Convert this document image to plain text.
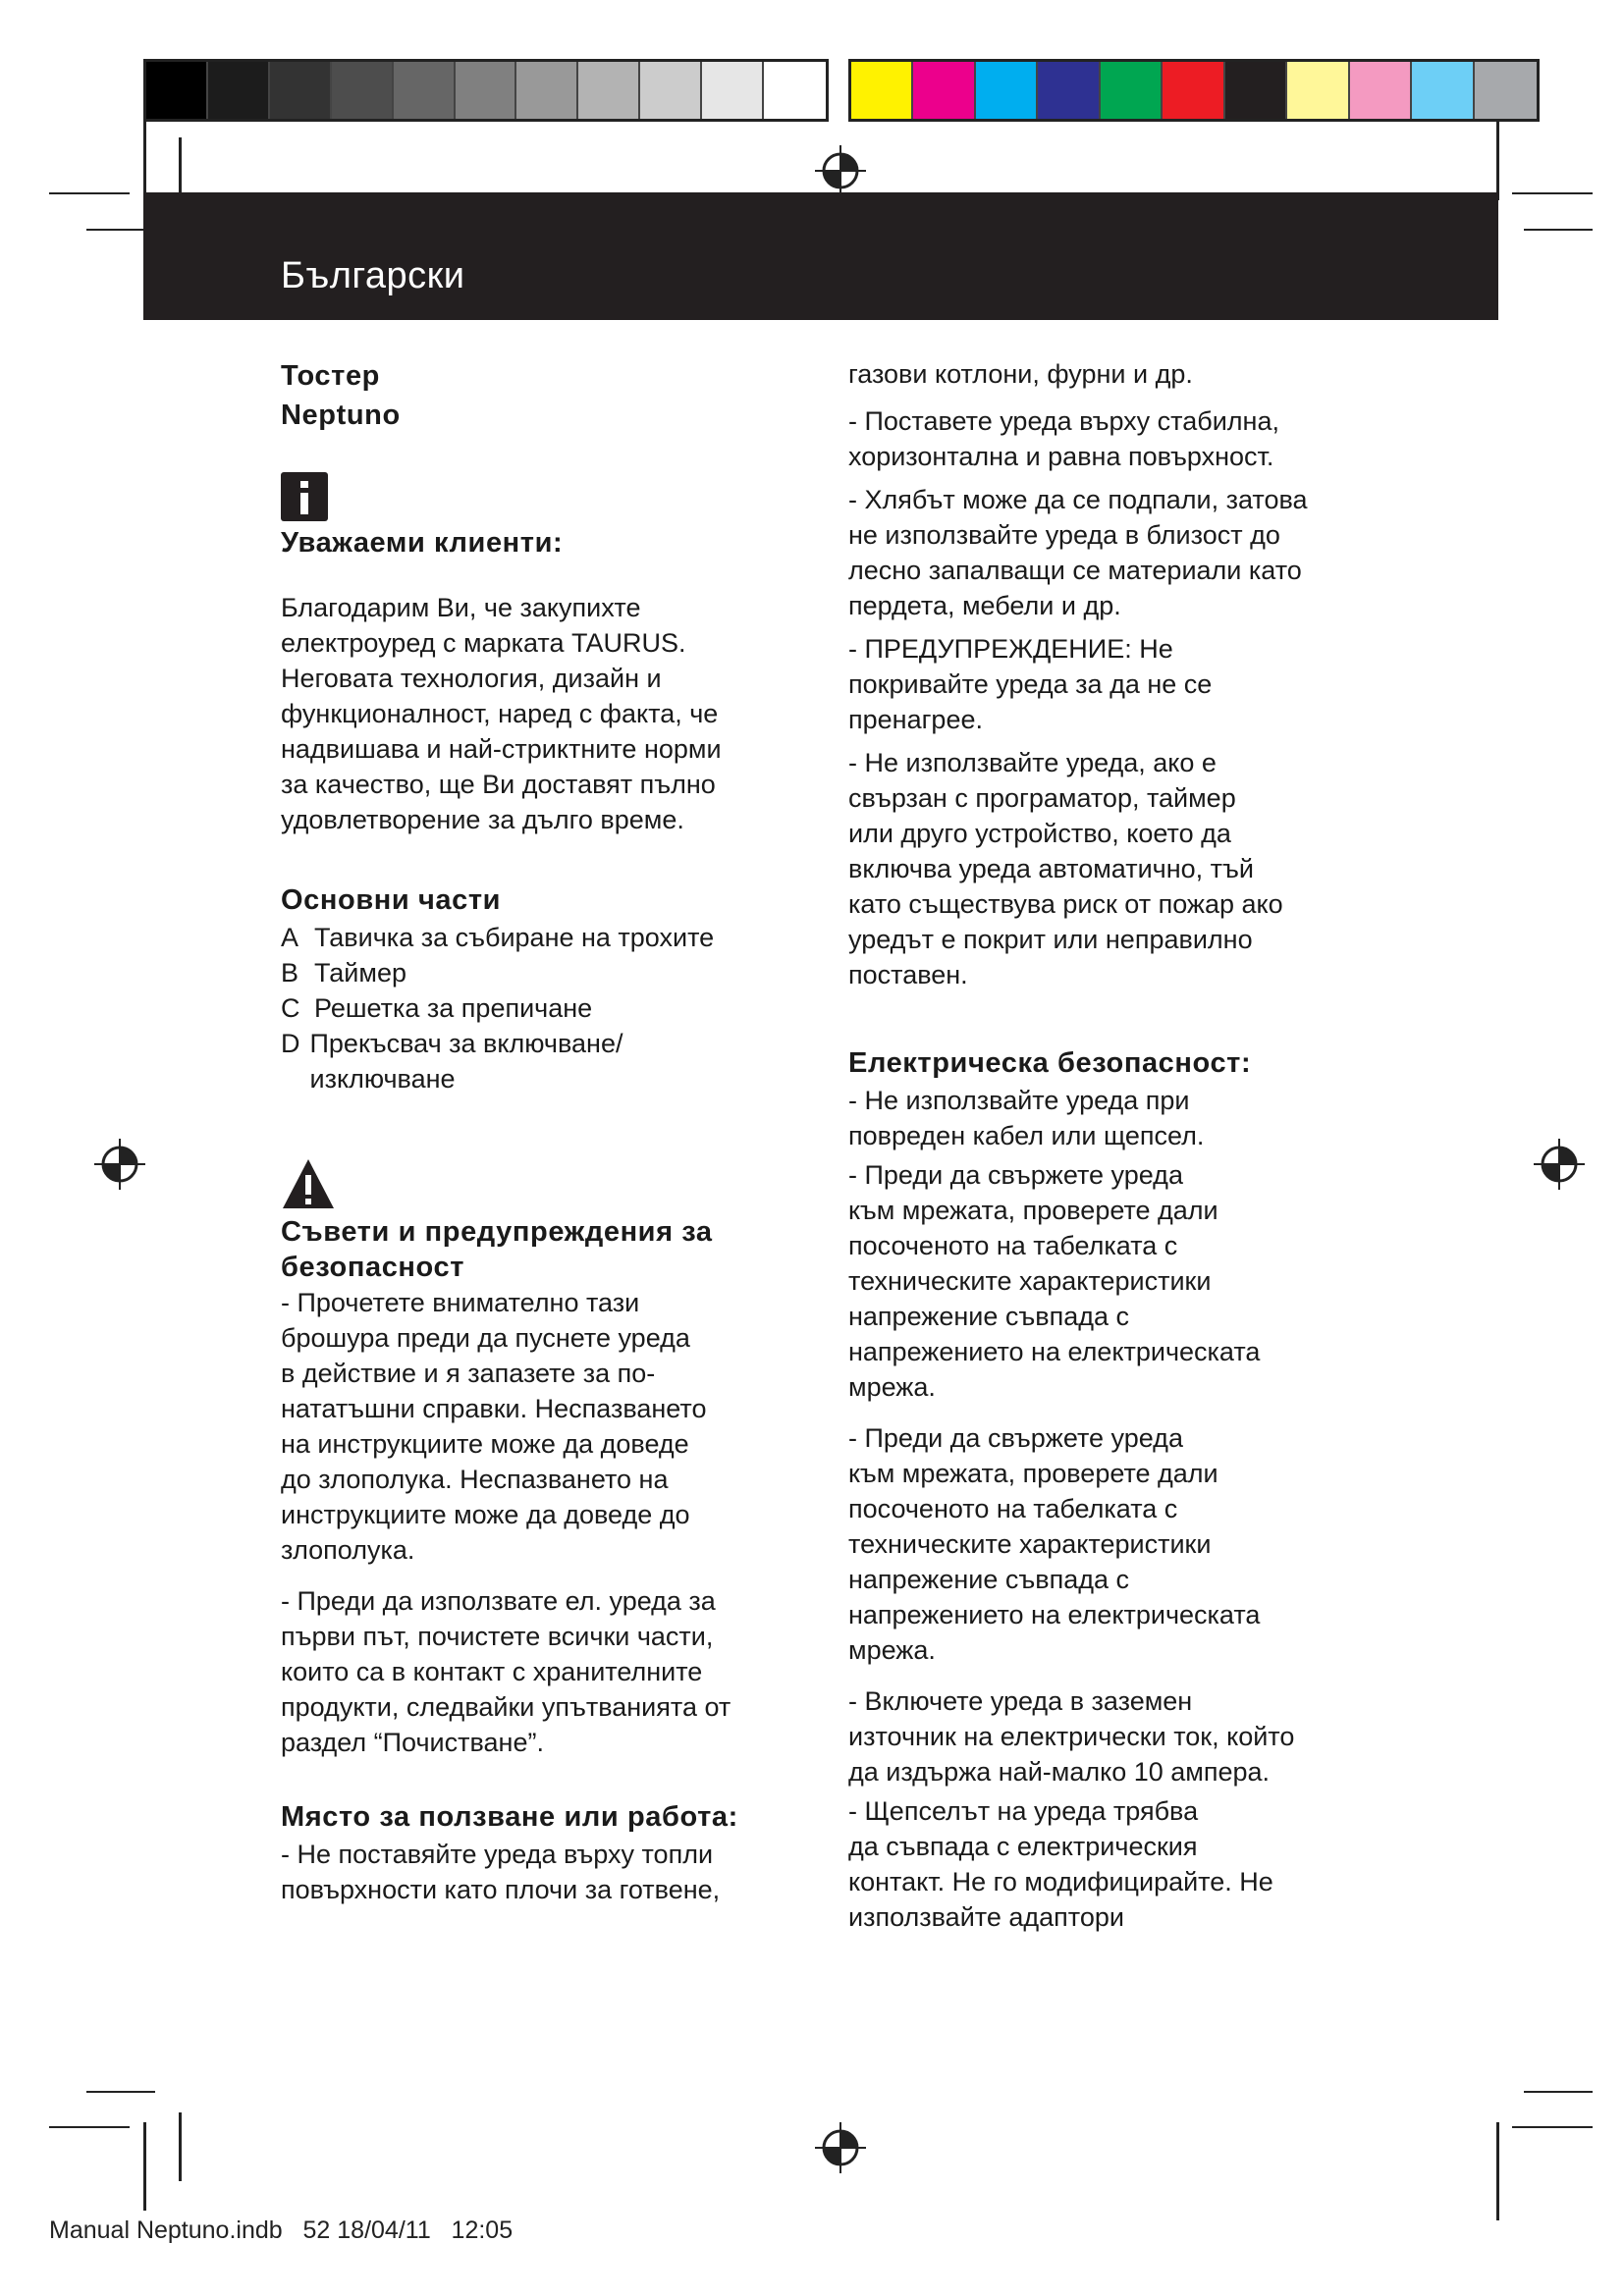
Български
Тостер
Neptuno
Уважаеми клиенти:

Благодарим Ви, че закупихте
електроуред с марката TAURUS.

Неговата технология, дизайн и
функционалност, наред с факта, че
надвишава и най-стриктните норми
за качество, ще Ви доставят пълно
удовлетворение за дълго време.

Основни части
A Тавичка за събиране на трохите
B Таймер
C Решетка за препичане
D Прекъсвач за включване/
изключване
Съвети и предупреждения за
безопасност

- Прочетете внимателно тази
брошура преди да пуснете уреда
в действие и я запазете за по-
нататъшни справки. Неспазването
на инструкциите може да доведе
до злополука. Неспазването на
инструкциите може да доведе до
злополука.

- Преди да използвате ел. уреда за
първи път, почистете всички части,
които са в контакт с хранителните
продукти, следвайки упътванията от
раздел “Почистване”.

Място за ползване или работа:

- Не поставяйте уреда върху топли
повърхности като плочи за готвене,

газови котлони, фурни и др.

- Поставете уреда върху стабилна,
хоризонтална и равна повърхност.

- Хлябът може да се подпали, затова
не използвайте уреда в близост до
лесно запалващи се материали като
пердета, мебели и др.

- ПРЕДУПРЕЖДЕНИЕ: Не
покривайте уреда за да не се
пренагрее.

- Не използвайте уреда, ако е
свързан с програматор, таймер
или друго устройство, което да
включва уреда автоматично, тъй
като съществува риск от пожар ако
уредът е покрит или неправилно
поставен.

Електрическа безопасност:

- Не използвайте уреда при
повреден кабел или щепсел.

- Преди да свържете уреда
към мрежата, проверете дали
посоченото на табелката с
техническите характеристики
напрежение съвпада с
напрежението на електрическата
мрежа.

- Преди да свържете уреда
към мрежата, проверете дали
посоченото на табелката с
техническите характеристики
напрежение съвпада с
напрежението на електрическата
мрежа.

- Включете уреда в заземен
източник на електрически ток, който
да издържа най-малко 10 ампера.

- Щепселът на уреда трябва
да съвпада с електрическия
контакт. Не го модифицирайте. Не
използвайте адаптори

Manual Neptuno.indb   52 18/04/11   12:05
